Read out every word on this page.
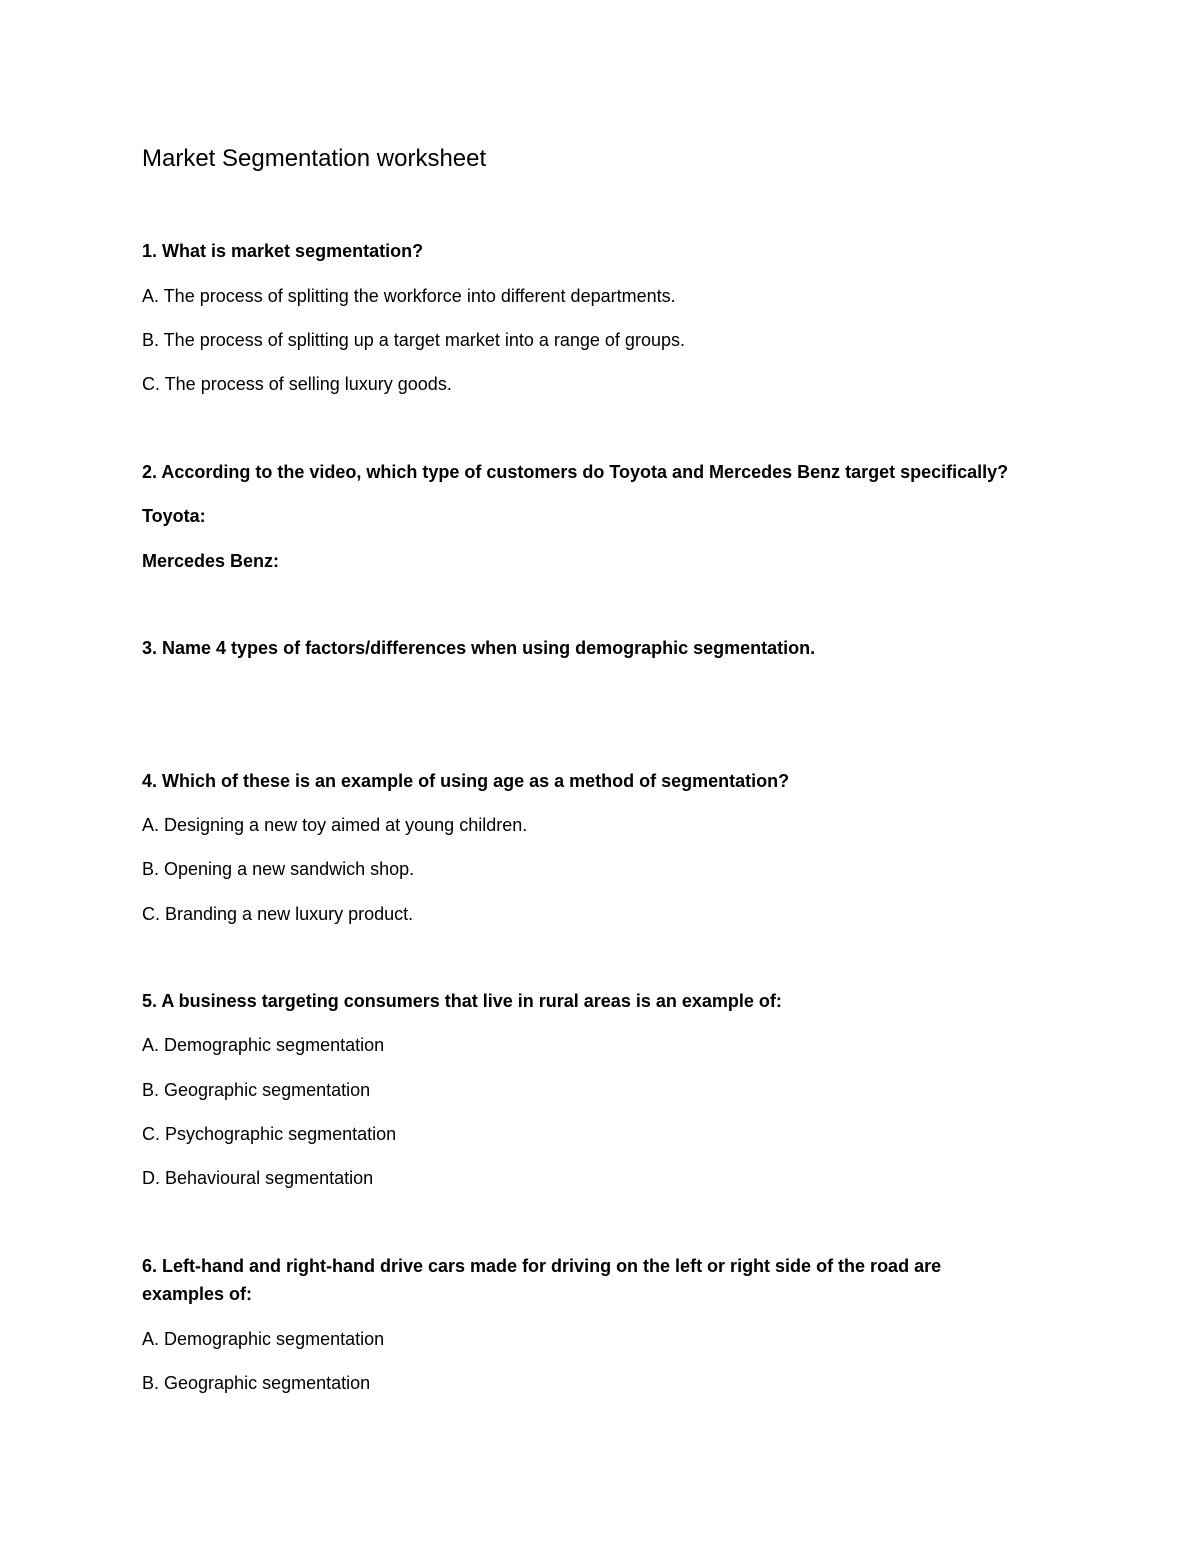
Market Segmentation worksheet
1. What is market segmentation?
A. The process of splitting the workforce into different departments.
B. The process of splitting up a target market into a range of groups.
C. The process of selling luxury goods.
2. According to the video, which type of customers do Toyota and Mercedes Benz target specifically?
Toyota:
Mercedes Benz:
3. Name 4 types of factors/differences when using demographic segmentation.
4. Which of these is an example of using age as a method of segmentation?
A. Designing a new toy aimed at young children.
B. Opening a new sandwich shop.
C. Branding a new luxury product.
5. A business targeting consumers that live in rural areas is an example of:
A. Demographic segmentation
B. Geographic segmentation
C. Psychographic segmentation
D. Behavioural segmentation
6. Left-hand and right-hand drive cars made for driving on the left or right side of the road are
examples of:
A. Demographic segmentation
B. Geographic segmentation
